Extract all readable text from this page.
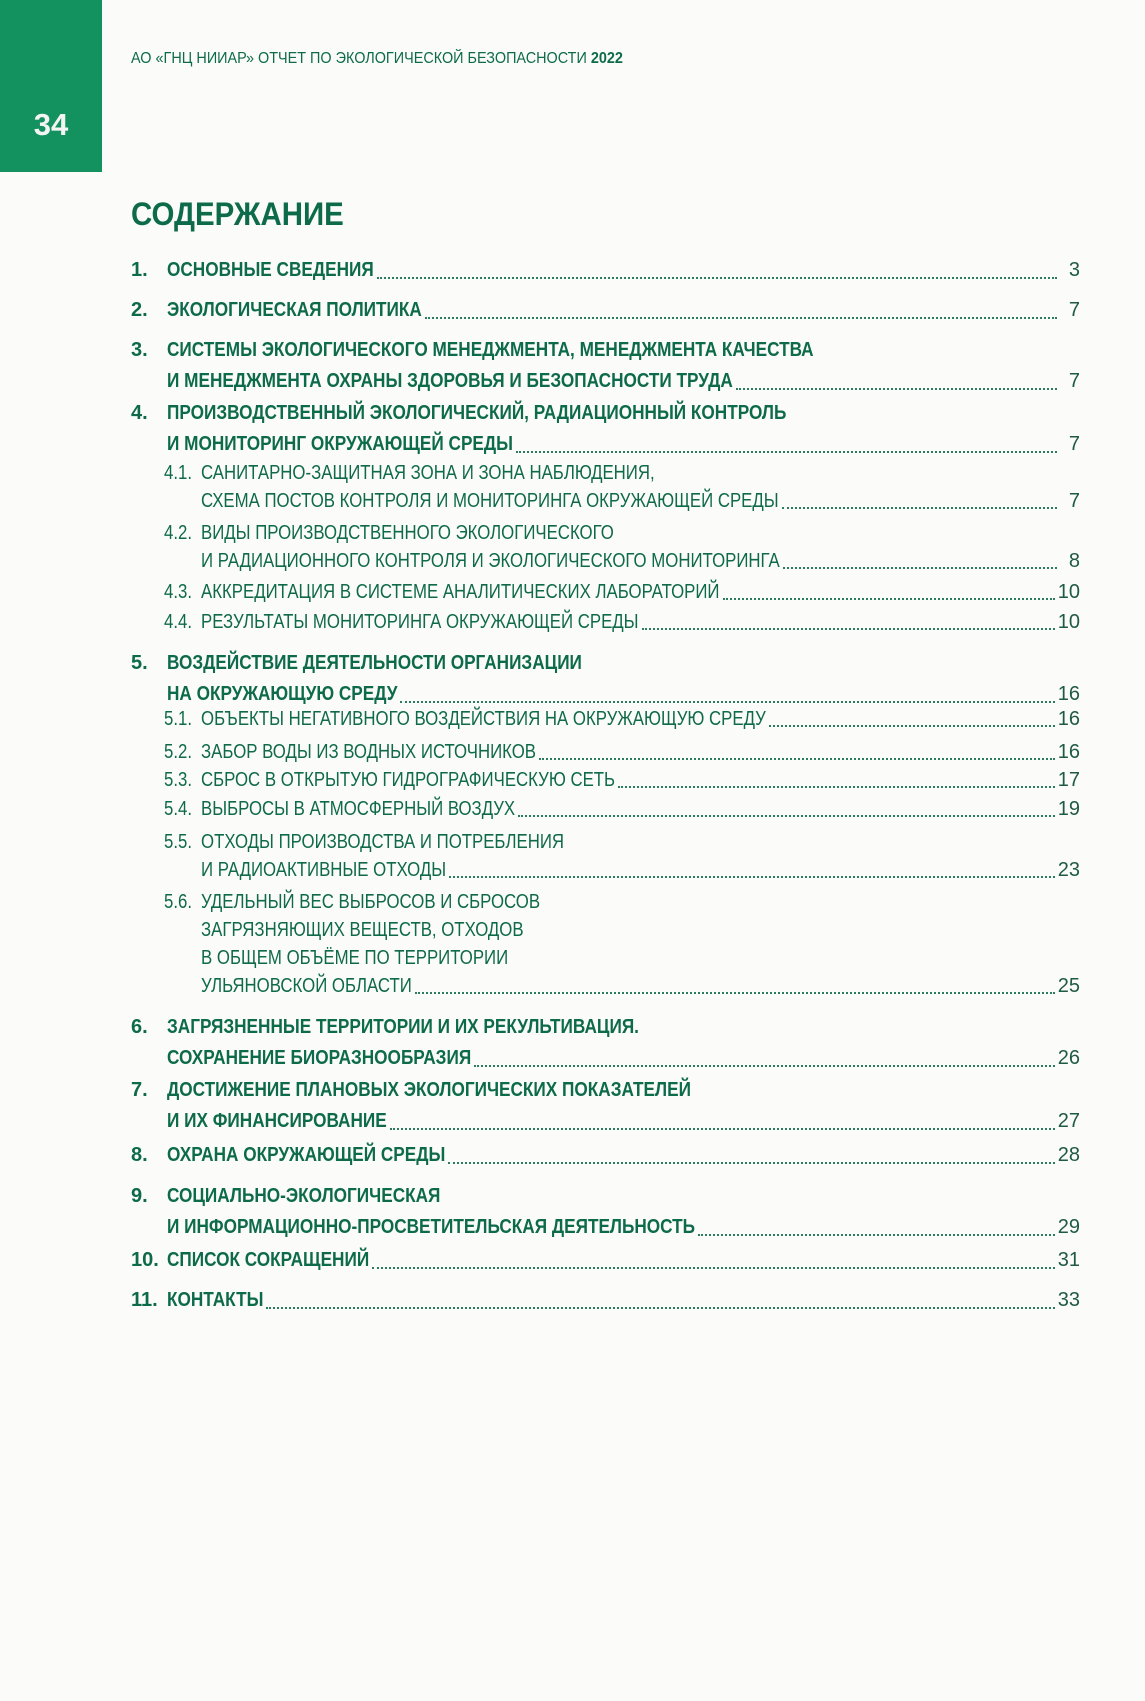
34
АО «ГНЦ НИИАР» ОТЧЕТ ПО ЭКОЛОГИЧЕСКОЙ БЕЗОПАСНОСТИ 2022
СОДЕРЖАНИЕ
1. ОСНОВНЫЕ СВЕДЕНИЯ	3
2. ЭКОЛОГИЧЕСКАЯ ПОЛИТИКА	7
3. СИСТЕМЫ ЭКОЛОГИЧЕСКОГО МЕНЕДЖМЕНТА, МЕНЕДЖМЕНТА КАЧЕСТВА
И МЕНЕДЖМЕНТА ОХРАНЫ ЗДОРОВЬЯ И БЕЗОПАСНОСТИ ТРУДА	7
4. ПРОИЗВОДСТВЕННЫЙ ЭКОЛОГИЧЕСКИЙ, РАДИАЦИОННЫЙ КОНТРОЛЬ
И МОНИТОРИНГ ОКРУЖАЮЩЕЙ СРЕДЫ	7
4.1. САНИТАРНО-ЗАЩИТНАЯ ЗОНА И ЗОНА НАБЛЮДЕНИЯ,
СХЕМА ПОСТОВ КОНТРОЛЯ И МОНИТОРИНГА ОКРУЖАЮЩЕЙ СРЕДЫ	7
4.2. ВИДЫ ПРОИЗВОДСТВЕННОГО ЭКОЛОГИЧЕСКОГО
И РАДИАЦИОННОГО КОНТРОЛЯ И ЭКОЛОГИЧЕСКОГО МОНИТОРИНГА	8
4.3. АККРЕДИТАЦИЯ В СИСТЕМЕ АНАЛИТИЧЕСКИХ ЛАБОРАТОРИЙ	10
4.4. РЕЗУЛЬТАТЫ МОНИТОРИНГА ОКРУЖАЮЩЕЙ СРЕДЫ	10
5. ВОЗДЕЙСТВИЕ ДЕЯТЕЛЬНОСТИ ОРГАНИЗАЦИИ
НА ОКРУЖАЮЩУЮ СРЕДУ	16
5.1. ОБЪЕКТЫ НЕГАТИВНОГО ВОЗДЕЙСТВИЯ НА ОКРУЖАЮЩУЮ СРЕДУ	16
5.2. ЗАБОР ВОДЫ ИЗ ВОДНЫХ ИСТОЧНИКОВ	16
5.3. СБРОС В ОТКРЫТУЮ ГИДРОГРАФИЧЕСКУЮ СЕТЬ	17
5.4. ВЫБРОСЫ В АТМОСФЕРНЫЙ ВОЗДУХ	19
5.5. ОТХОДЫ ПРОИЗВОДСТВА И ПОТРЕБЛЕНИЯ
И РАДИОАКТИВНЫЕ ОТХОДЫ	23
5.6. УДЕЛЬНЫЙ ВЕС ВЫБРОСОВ И СБРОСОВ
ЗАГРЯЗНЯЮЩИХ ВЕЩЕСТВ, ОТХОДОВ
В ОБЩЕМ ОБЪЁМЕ ПО ТЕРРИТОРИИ
УЛЬЯНОВСКОЙ ОБЛАСТИ	25
6. ЗАГРЯЗНЕННЫЕ ТЕРРИТОРИИ И ИХ РЕКУЛЬТИВАЦИЯ.
СОХРАНЕНИЕ БИОРАЗНООБРАЗИЯ	26
7. ДОСТИЖЕНИЕ ПЛАНОВЫХ ЭКОЛОГИЧЕСКИХ ПОКАЗАТЕЛЕЙ
И ИХ ФИНАНСИРОВАНИЕ	27
8. ОХРАНА ОКРУЖАЮЩЕЙ СРЕДЫ	28
9. СОЦИАЛЬНО-ЭКОЛОГИЧЕСКАЯ
И ИНФОРМАЦИОННО-ПРОСВЕТИТЕЛЬСКАЯ ДЕЯТЕЛЬНОСТЬ	29
10. СПИСОК СОКРАЩЕНИЙ	31
11. КОНТАКТЫ	33
